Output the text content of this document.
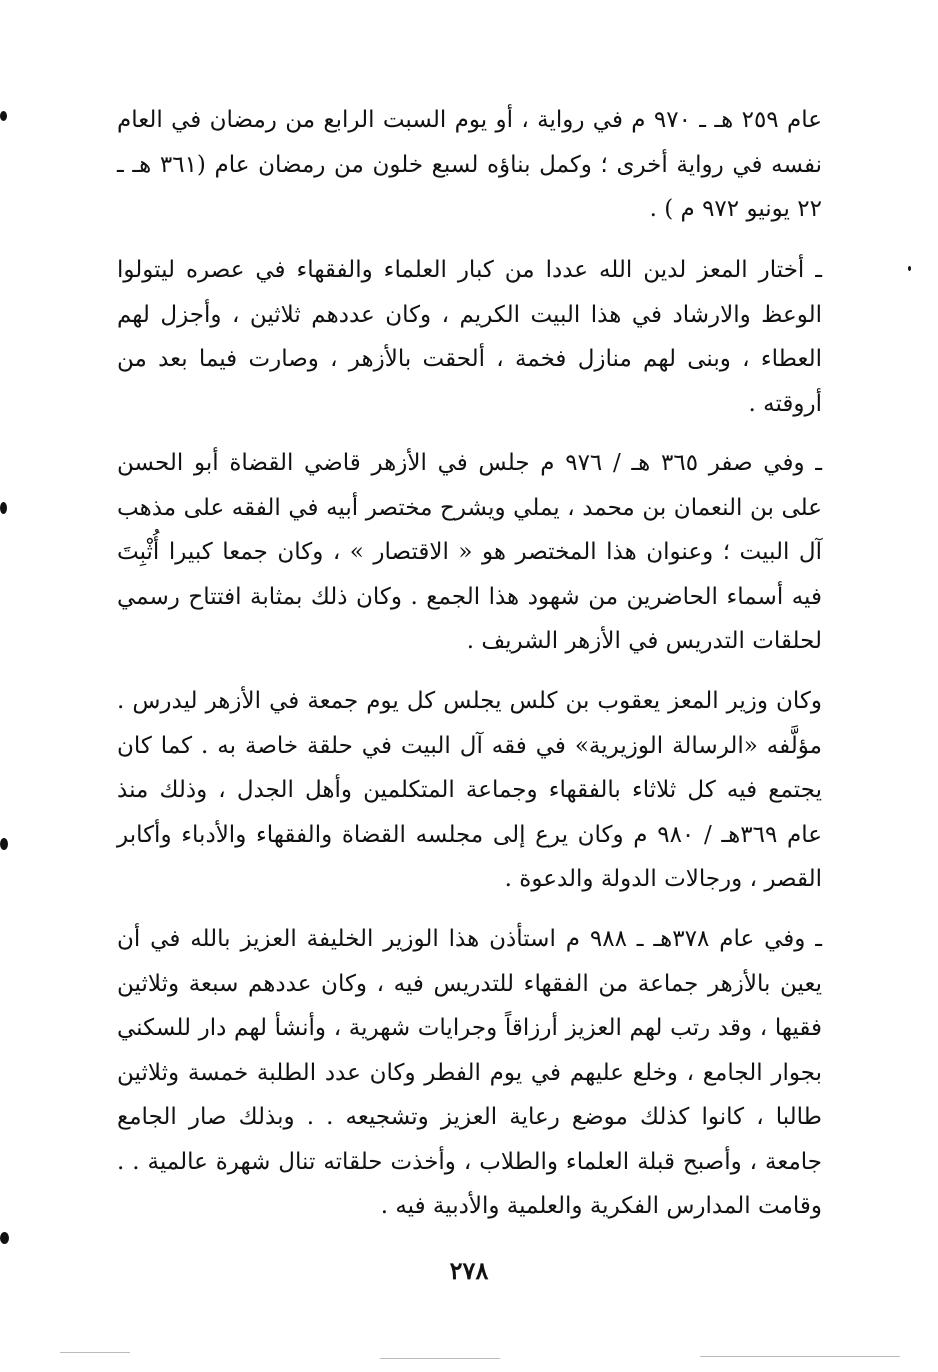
عام ٢٥٩ هـ ـ ٩٧٠ م في رواية ، أو يوم السبت الرابع من رمضان في العام نفسه في رواية أخرى ؛ وكمل بناؤه لسبع خلون من رمضان عام (٣٦١ هـ ـ ٢٢ يونيو ٩٧٢ م ) .

ـ أختار المعز لدين الله عددا من كبار العلماء والفقهاء في عصره ليتولوا الوعظ والارشاد في هذا البيت الكريم ، وكان عددهم ثلاثين ، وأجزل لهم العطاء ، وبنى لهم منازل فخمة ، ألحقت بالأزهر ، وصارت فيما بعد من أروقته .

ـ وفي صفر ٣٦٥ هـ / ٩٧٦ م جلس في الأزهر قاضي القضاة أبو الحسن على بن النعمان بن محمد ، يملي ويشرح مختصر أبيه في الفقه على مذهب آل البيت ؛ وعنوان هذا المختصر هو « الاقتصار » ، وكان جمعا كبيرا أُثْبِتَ فيه أسماء الحاضرين من شهود هذا الجمع . وكان ذلك بمثابة افتتاح رسمي لحلقات التدريس في الأزهر الشريف .

وكان وزير المعز يعقوب بن كلس يجلس كل يوم جمعة في الأزهر ليدرس . مؤلَّفه «الرسالة الوزيرية» في فقه آل البيت في حلقة خاصة به . كما كان يجتمع فيه كل ثلاثاء بالفقهاء وجماعة المتكلمين وأهل الجدل ، وذلك منذ عام ٣٦٩هـ / ٩٨٠ م وكان يرع إلى مجلسه القضاة والفقهاء والأدباء وأكابر القصر ، ورجالات الدولة والدعوة .

ـ وفي عام ٣٧٨هـ ـ ٩٨٨ م استأذن هذا الوزير الخليفة العزيز بالله في أن يعين بالأزهر جماعة من الفقهاء للتدريس فيه ، وكان عددهم سبعة وثلاثين فقيها ، وقد رتب لهم العزيز أرزاقاً وجرايات شهرية ، وأنشأ لهم دار للسكني بجوار الجامع ، وخلع عليهم في يوم الفطر وكان عدد الطلبة خمسة وثلاثين طالبا ، كانوا كذلك موضع رعاية العزيز وتشجيعه . . وبذلك صار الجامع جامعة ، وأصبح قبلة العلماء والطلاب ، وأخذت حلقاته تنال شهرة عالمية . . وقامت المدارس الفكرية والعلمية والأدبية فيه .

٢٧٨
